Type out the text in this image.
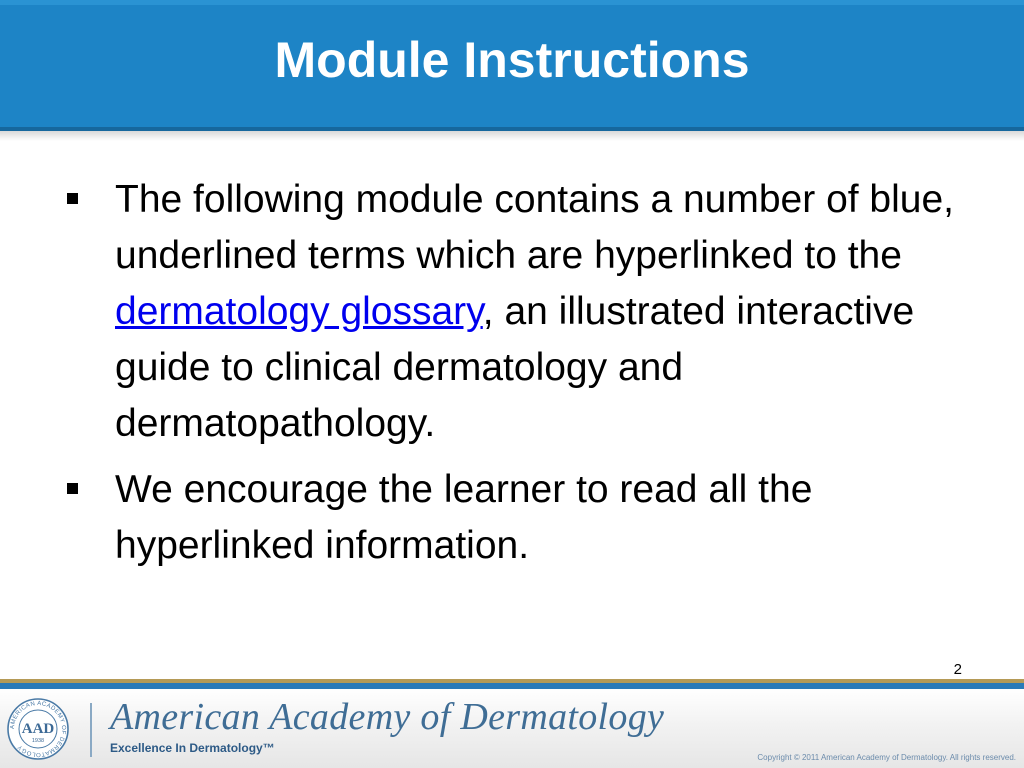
Module Instructions
The following module contains a number of blue, underlined terms which are hyperlinked to the dermatology glossary, an illustrated interactive guide to clinical dermatology and dermatopathology.
We encourage the learner to read all the hyperlinked information.
2
AMERICAN ACADEMY OF DERMATOLOGY
AAD
1938
American Academy of Dermatology
Excellence In Dermatology™
Copyright © 2011 American Academy of Dermatology. All rights reserved.
